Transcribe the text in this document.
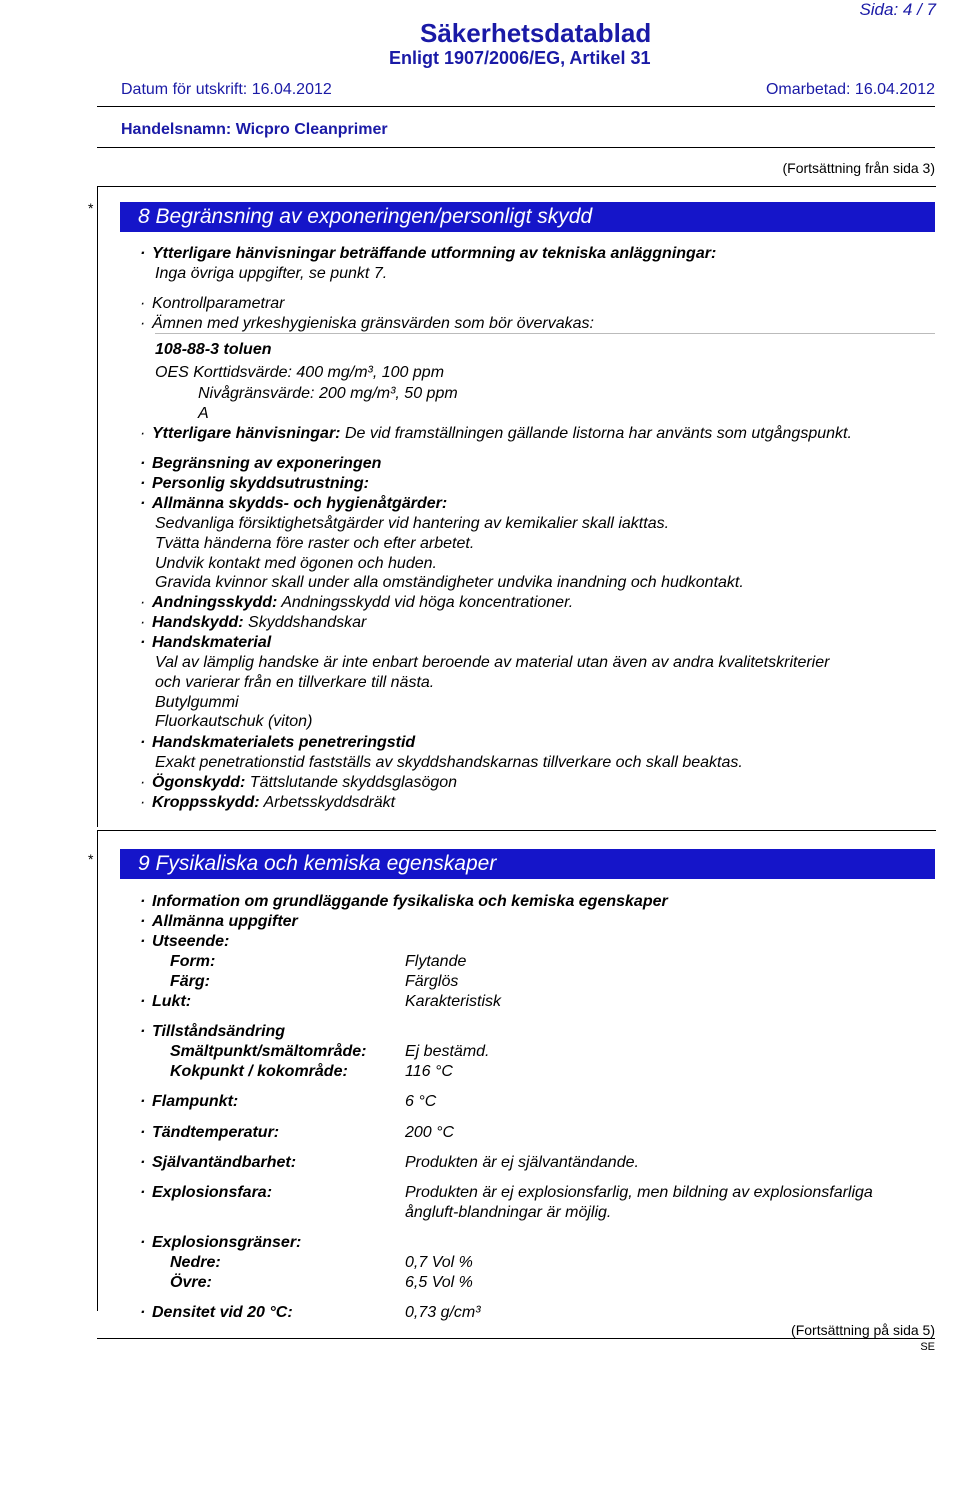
Sida: 4 / 7
Säkerhetsdatablad
Enligt 1907/2006/EG, Artikel 31
Datum för utskrift: 16.04.2012	Omarbetad: 16.04.2012
Handelsnamn: Wicpro Cleanprimer
(Fortsättning från sida 3)
*	8 Begränsning av exponeringen/personligt skydd
· Ytterligare hänvisningar beträffande utformning av tekniska anläggningar:
Inga övriga uppgifter, se punkt 7.
· Kontrollparametrar
· Ämnen med yrkeshygieniska gränsvärden som bör övervakas:
108-88-3 toluen
OES Korttidsvärde: 400 mg/m³, 100 ppm
Nivågränsvärde: 200 mg/m³, 50 ppm
A
· Ytterligare hänvisningar: De vid framställningen gällande listorna har använts som utgångspunkt.
· Begränsning av exponeringen
· Personlig skyddsutrustning:
· Allmänna skydds- och hygienåtgärder:
Sedvanliga försiktighetsåtgärder vid hantering av kemikalier skall iakttas.
Tvätta händerna före raster och efter arbetet.
Undvik kontakt med ögonen och huden.
Gravida kvinnor skall under alla omständigheter undvika inandning och hudkontakt.
· Andningsskydd: Andningsskydd vid höga koncentrationer.
· Handskydd: Skyddshandskar
· Handskmaterial
Val av lämplig handske är inte enbart beroende av material utan även av andra kvalitetskriterier
och varierar från en tillverkare till nästa.
Butylgummi
Fluorkautschuk (viton)
· Handskmaterialets penetreringstid
Exakt penetrationstid fastställs av skyddshandskarnas tillverkare och skall beaktas.
· Ögonskydd: Tättslutande skyddsglasögon
· Kroppsskydd: Arbetsskyddsdräkt
*	9 Fysikaliska och kemiska egenskaper
· Information om grundläggande fysikaliska och kemiska egenskaper
· Allmänna uppgifter
· Utseende:
Form:	Flytande
Färg:	Färglös
· Lukt:	Karakteristisk
· Tillståndsändring
Smältpunkt/smältområde: Ej bestämd.
Kokpunkt / kokområde:	116 °C
· Flampunkt:	6 °C
· Tändtemperatur:	200 °C
· Självantändbarhet:	Produkten är ej självantändande.
· Explosionsfara:	Produkten är ej explosionsfarlig, men bildning av explosionsfarliga
ångluft-blandningar är möjlig.
· Explosionsgränser:
Nedre:	0,7 Vol %
Övre:	6,5 Vol %
· Densitet vid 20 °C:	0,73 g/cm³
(Fortsättning på sida 5)
SE
